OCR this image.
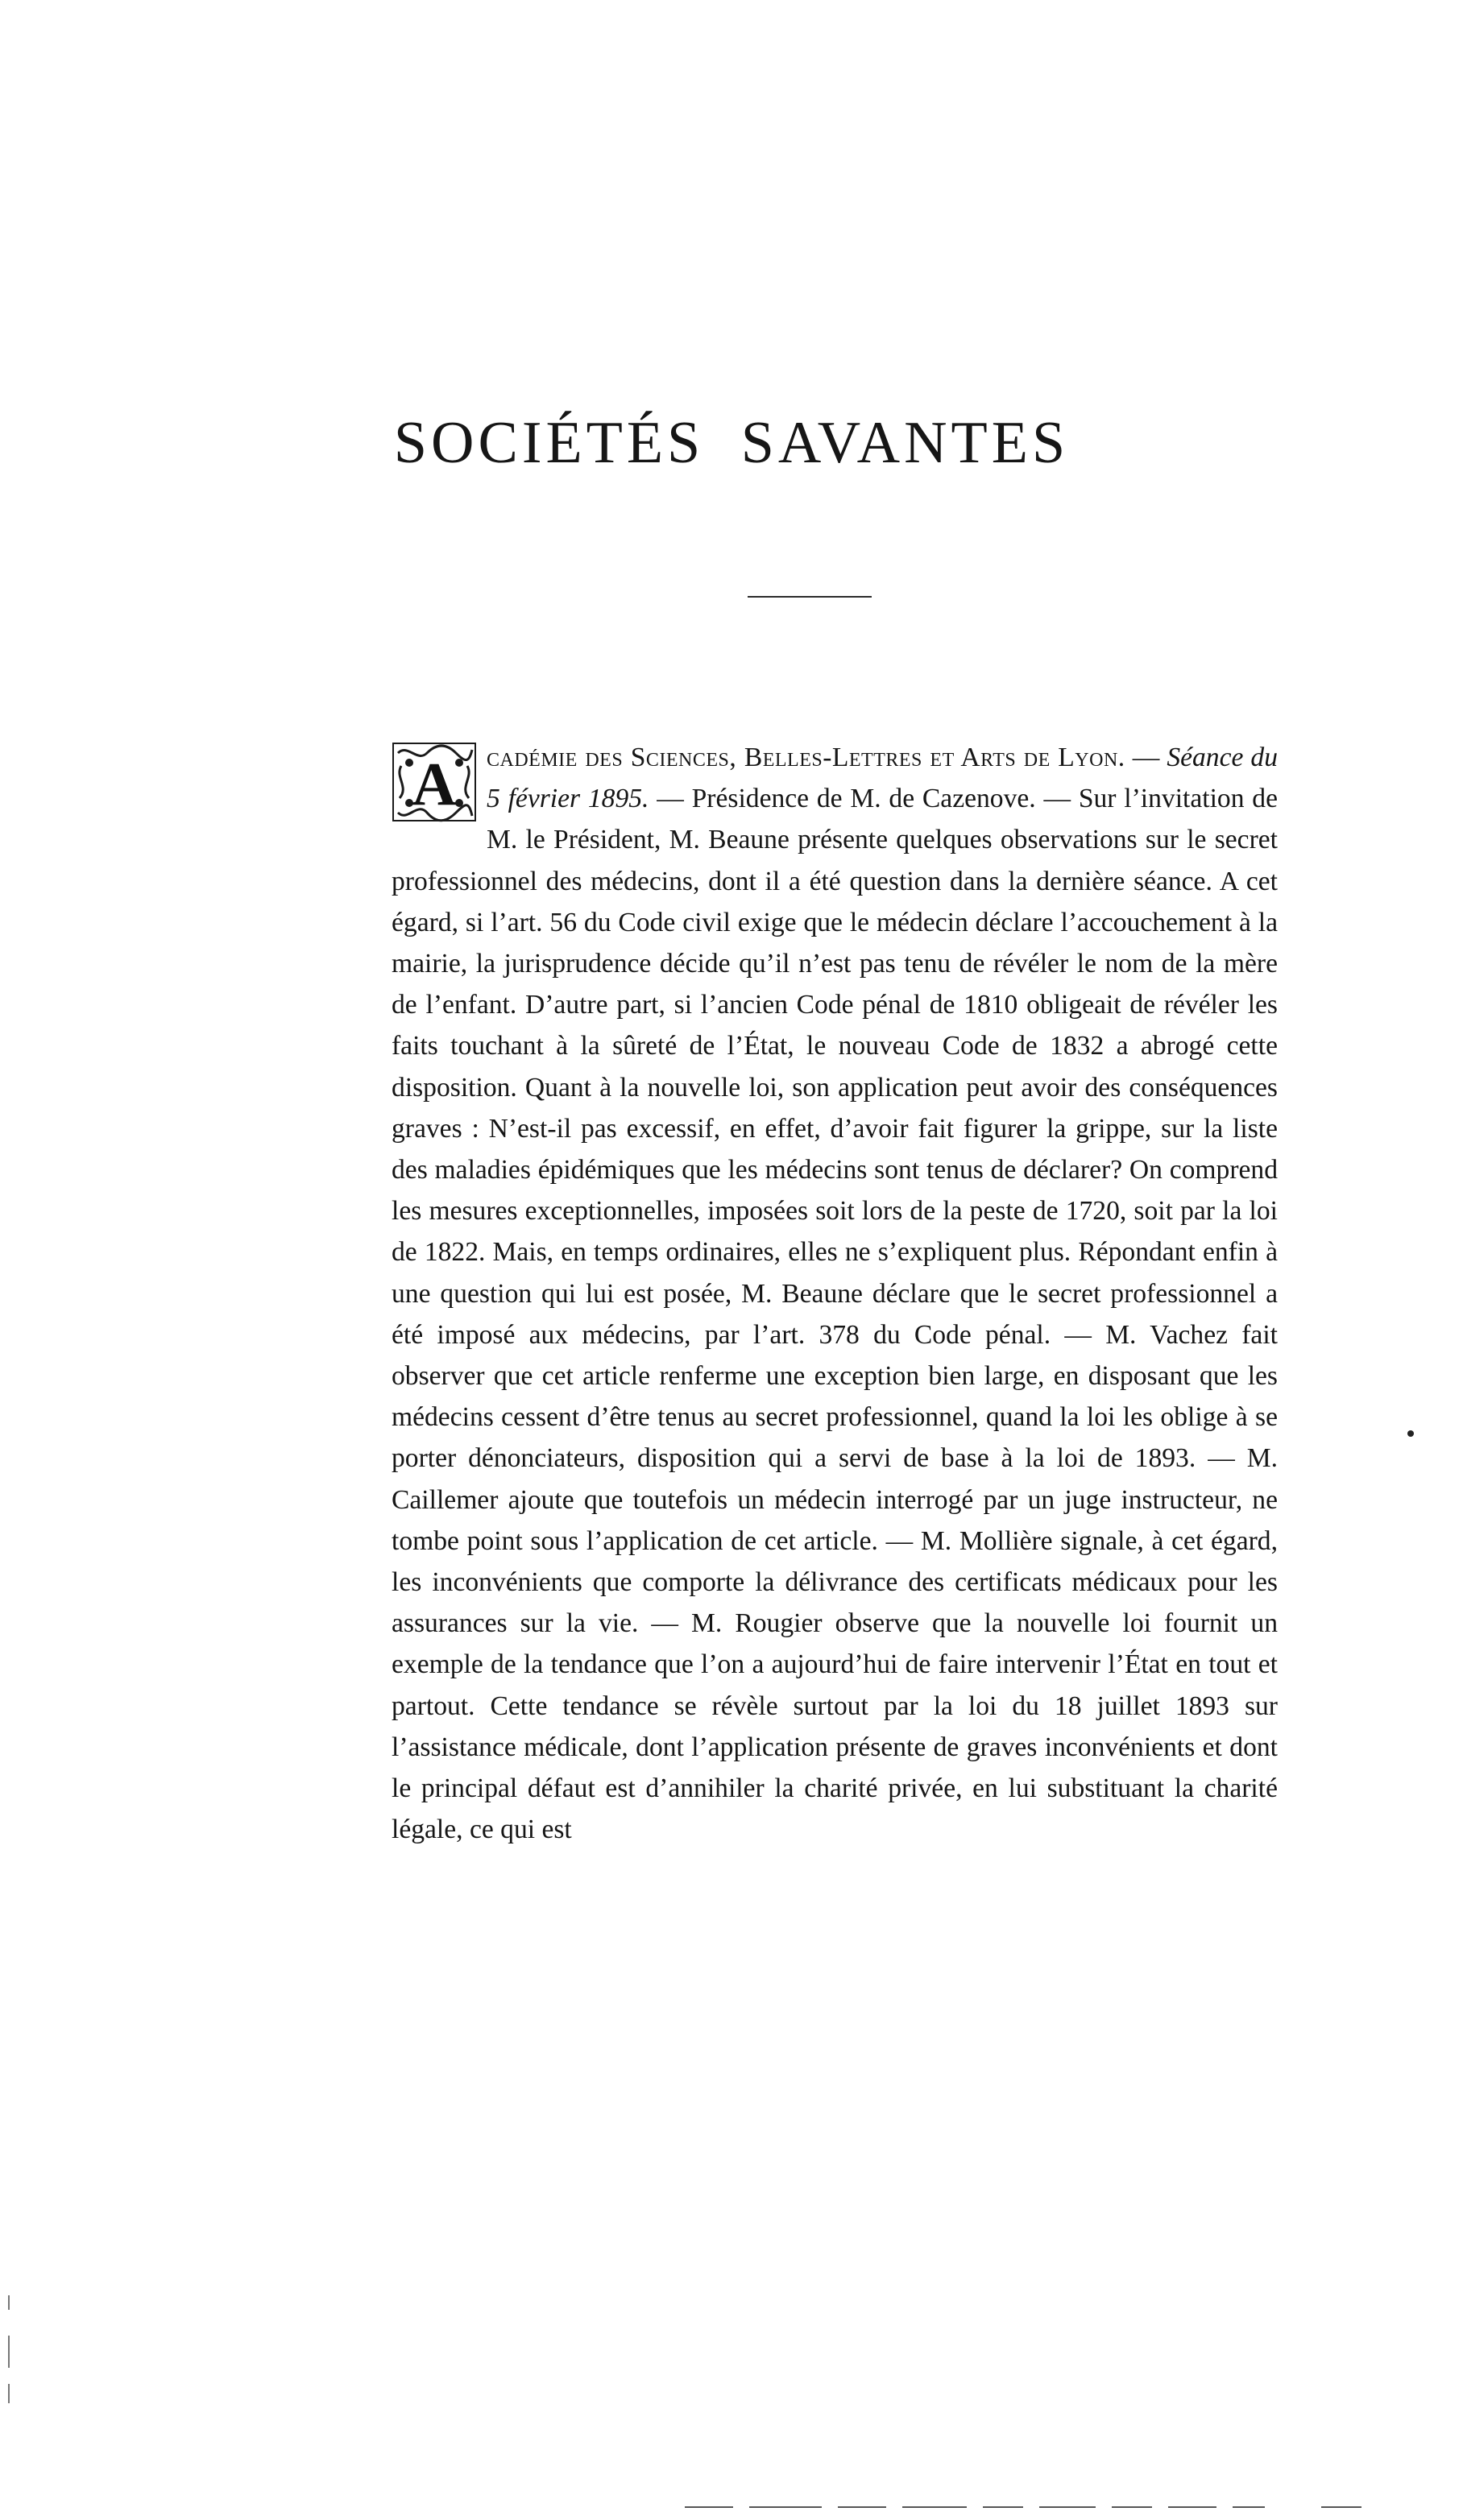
SOCIÉTÉS SAVANTES
A	cadémie des Sciences, Belles-Lettres et Arts de Lyon. — Séance du 5 février 1895. — Présidence de M. de Cazenove. — Sur l’invitation de M. le Président, M. Beaune présente quelques observations sur le secret professionnel des médecins, dont il a été question dans la dernière séance. A cet égard, si l’art. 56 du Code civil exige que le médecin déclare l’accouchement à la mairie, la jurisprudence décide qu’il n’est pas tenu de révéler le nom de la mère de l’enfant. D’autre part, si l’ancien Code pénal de 1810 obligeait de révéler les faits touchant à la sûreté de l’État, le nouveau Code de 1832 a abrogé cette disposition. Quant à la nouvelle loi, son application peut avoir des conséquences graves : N’est-il pas excessif, en effet, d’avoir fait figurer la grippe, sur la liste des maladies épidémiques que les médecins sont tenus de déclarer? On comprend les mesures exceptionnelles, imposées soit lors de la peste de 1720, soit par la loi de 1822. Mais, en temps ordinaires, elles ne s’expliquent plus. Répondant enfin à une question qui lui est posée, M. Beaune déclare que le secret professionnel a été imposé aux médecins, par l’art. 378 du Code pénal. — M. Vachez fait observer que cet article renferme une exception bien large, en disposant que les médecins cessent d’être tenus au secret professionnel, quand la loi les oblige à se porter dénonciateurs, disposition qui a servi de base à la loi de 1893. — M. Caillemer ajoute que toutefois un médecin interrogé par un juge instructeur, ne tombe point sous l’application de cet article. — M. Mollière signale, à cet égard, les inconvénients que comporte la délivrance des certificats médicaux pour les assurances sur la vie. — M. Rougier observe que la nouvelle loi fournit un exemple de la tendance que l’on a aujourd’hui de faire intervenir l’État en tout et partout. Cette tendance se révèle surtout par la loi du 18 juillet 1893 sur l’assistance médicale, dont l’application présente de graves inconvénients et dont le principal défaut est d’annihiler la charité privée, en lui substituant la charité légale, ce qui est
